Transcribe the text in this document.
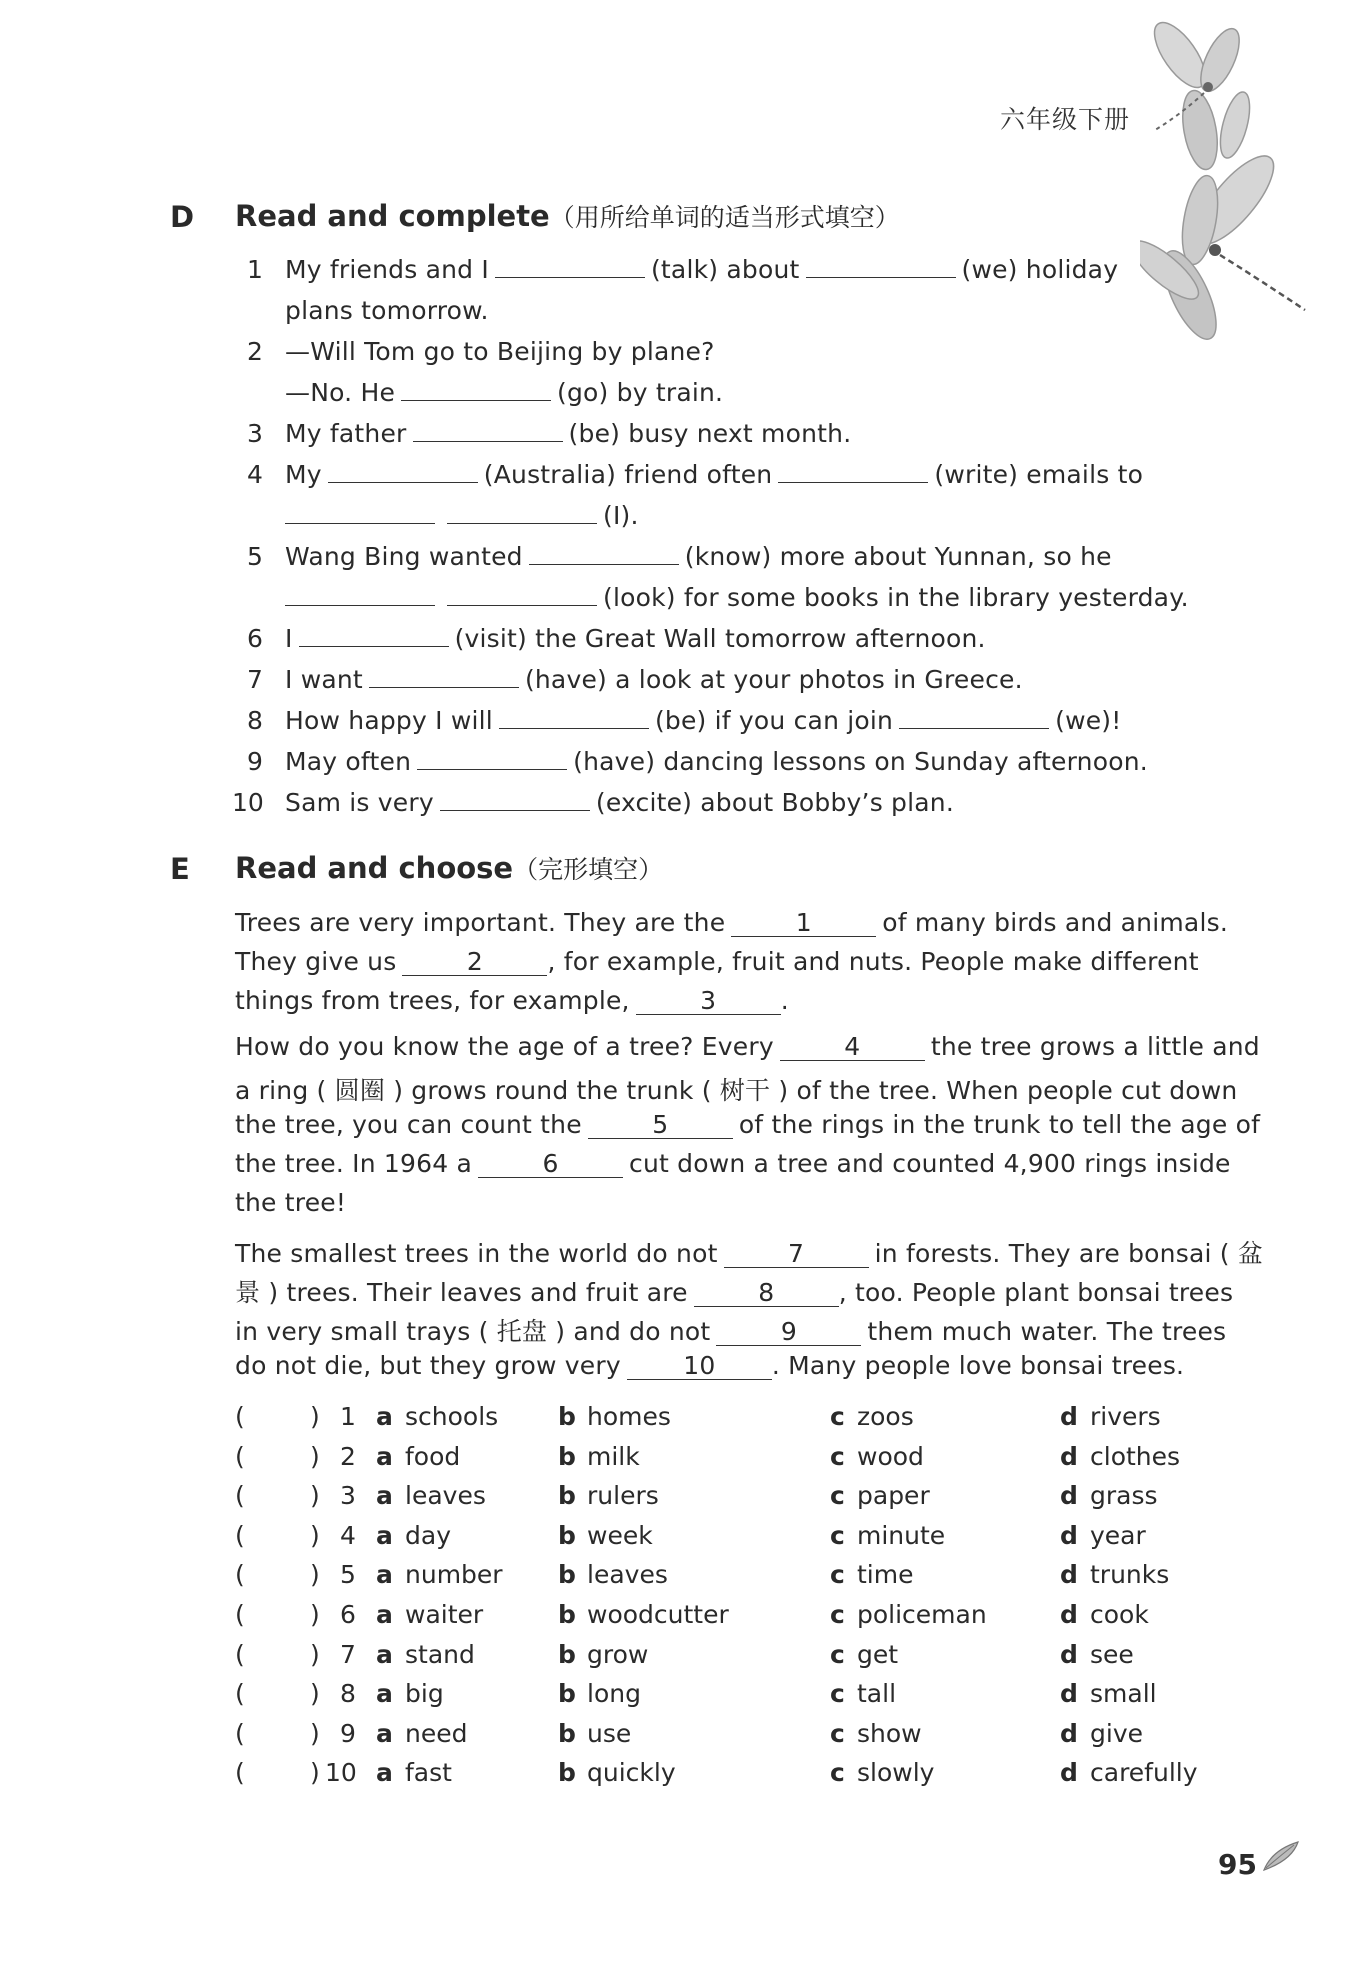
六年级下册
D Read and complete（用所给单词的适当形式填空）
1 My friends and I	(talk) about	(we) holiday
plans tomorrow.
2 —Will Tom go to Beijing by plane?
—No. He	(go) by train.
3 My father	(be) busy next month.
4 My	(Australia) friend often	(write) emails to
(I).
5 Wang Bing wanted	(know) more about Yunnan, so he
(look) for some books in the library yesterday.
6 I	(visit) the Great Wall tomorrow afternoon.
7 I want	(have) a look at your photos in Greece.
8 How happy I will	(be) if you can join	(we)!
9 May often	(have) dancing lessons on Sunday afternoon.
10 Sam is very	(excite) about Bobby’s plan.
E Read and choose（完形填空）
Trees are very important. They are the	1	of many birds and animals.
They give us	2	, for example, fruit and nuts. People make different
things from trees, for example,	3	.
How do you know the age of a tree? Every	4	the tree grows a little and
a ring ( 圆圈 ) grows round the trunk ( 树干 ) of the tree. When people cut down
the tree, you can count the	5	of the rings in the trunk to tell the age of
the tree. In 1964 a	6	cut down a tree and counted 4,900 rings inside
the tree!
The smallest trees in the world do not	7	in forests. They are bonsai ( 盆
景 ) trees. Their leaves and fruit are	8	, too. People plant bonsai trees
in very small trays ( 托盘 ) and do not	9	them much water. The trees
do not die, but they grow very 10 . Many people love bonsai trees.
(	) 1 a schools b homes	c zoos	d rivers
(	) 2 a food	b milk	c wood	d clothes
(	) 3 a leaves	b rulers	c paper	d grass
(	) 4 a day	b week	c minute	d year
(	) 5 a number b leaves	c time	d trunks
(	) 6 a waiter	b woodcutter	c policeman	d cook
(	) 7 a stand	b grow	c get	d see
(	) 8 a big	b long	c tall	d small
(	) 9 a need	b use	c show	d give
(	) 10 a fast	b quickly	c slowly	d carefully
95
